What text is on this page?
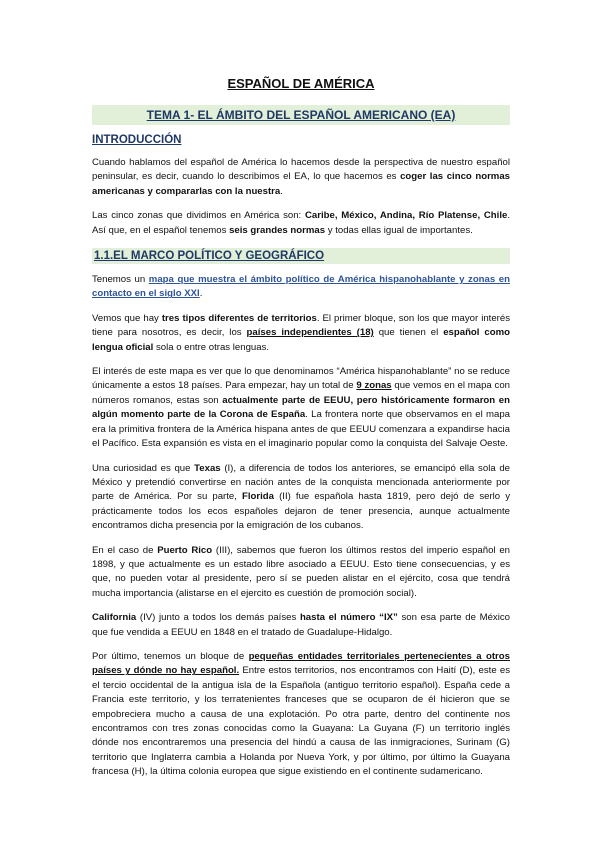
ESPAÑOL DE AMÉRICA
TEMA 1- EL ÁMBITO DEL ESPAÑOL AMERICANO (EA)
INTRODUCCIÓN

Cuando hablamos del español de América lo hacemos desde la perspectiva de nuestro español peninsular, es decir, cuando lo describimos el EA, lo que hacemos es coger las cinco normas americanas y compararlas con la nuestra.

Las cinco zonas que dividimos en América son: Caribe, México, Andina, Río Platense, Chile. Así que, en el español tenemos seis grandes normas y todas ellas igual de importantes.

1.1.EL MARCO POLÍTICO Y GEOGRÁFICO

Tenemos un mapa que muestra el ámbito político de América hispanohablante y zonas en contacto en el siglo XXI.

Vemos que hay tres tipos diferentes de territorios. El primer bloque, son los que mayor interés tiene para nosotros, es decir, los países independientes (18) que tienen el español como lengua oficial sola o entre otras lenguas.

El interés de este mapa es ver que lo que denominamos “América hispanohablante” no se reduce únicamente a estos 18 países. Para empezar, hay un total de 9 zonas que vemos en el mapa con números romanos, estas son actualmente parte de EEUU, pero históricamente formaron en algún momento parte de la Corona de España. La frontera norte que observamos en el mapa era la primitiva frontera de la América hispana antes de que EEUU comenzara a expandirse hacia el Pacífico. Esta expansión es vista en el imaginario popular como la conquista del Salvaje Oeste.

Una curiosidad es que Texas (I), a diferencia de todos los anteriores, se emancipó ella sola de México y pretendió convertirse en nación antes de la conquista mencionada anteriormente por parte de América. Por su parte, Florida (II) fue española hasta 1819, pero dejó de serlo y prácticamente todos los ecos españoles dejaron de tener presencia, aunque actualmente encontramos dicha presencia por la emigración de los cubanos.

En el caso de Puerto Rico (III), sabemos que fueron los últimos restos del imperio español en 1898, y que actualmente es un estado libre asociado a EEUU. Esto tiene consecuencias, y es que, no pueden votar al presidente, pero sí se pueden alistar en el ejército, cosa que tendrá mucha importancia (alistarse en el ejercito es cuestión de promoción social).

California (IV) junto a todos los demás países hasta el número “IX” son esa parte de México que fue vendida a EEUU en 1848 en el tratado de Guadalupe-Hidalgo.

Por último, tenemos un bloque de pequeñas entidades territoriales pertenecientes a otros países y dónde no hay español. Entre estos territorios, nos encontramos con Haití (D), este es el tercio occidental de la antigua isla de la Española (antiguo territorio español). España cede a Francia este territorio, y los terratenientes franceses que se ocuparon de él hicieron que se empobreciera mucho a causa de una explotación. Po otra parte, dentro del continente nos encontramos con tres zonas conocidas como la Guayana: La Guyana (F) un territorio inglés dónde nos encontraremos una presencia del hindú a causa de las inmigraciones, Surinam (G) territorio que Inglaterra cambia a Holanda por Nueva York, y por último, por último la Guayana francesa (H), la última colonia europea que sigue existiendo en el continente sudamericano.
